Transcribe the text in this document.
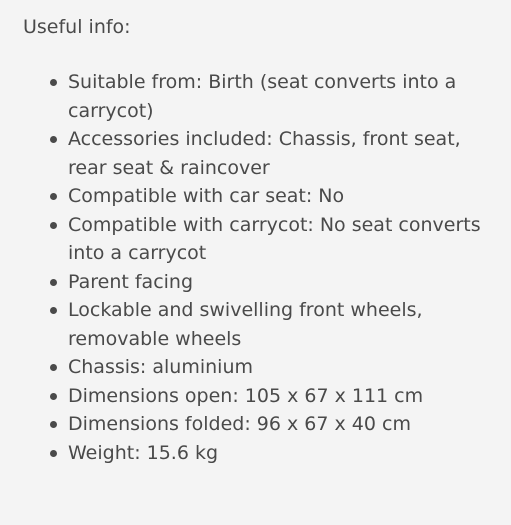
Useful info:
Suitable from: Birth (seat converts into a carrycot)
Accessories included: Chassis, front seat, rear seat & raincover
Compatible with car seat: No
Compatible with carrycot: No seat converts into a carrycot
Parent facing
Lockable and swivelling front wheels, removable wheels
Chassis: aluminium
Dimensions open: 105 x 67 x 111 cm
Dimensions folded: 96 x 67 x 40 cm
Weight: 15.6 kg
